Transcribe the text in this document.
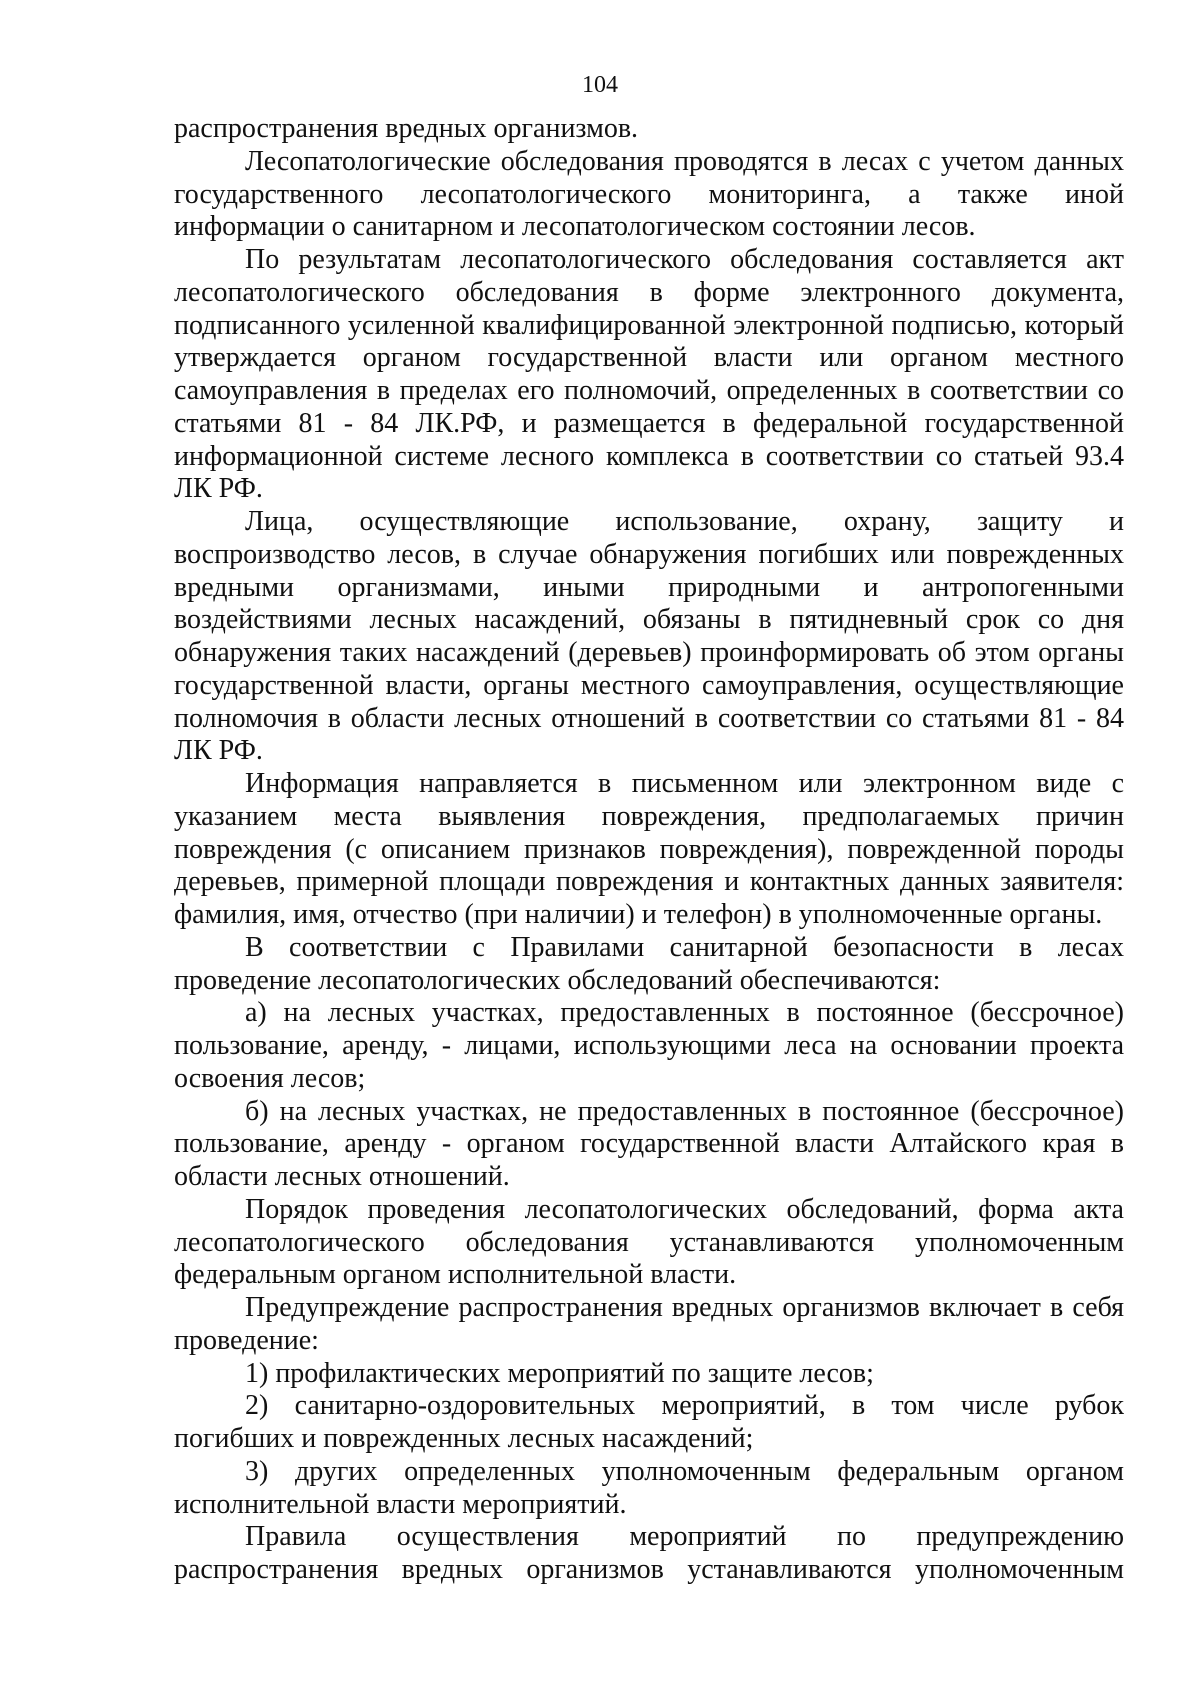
104

распространения вредных организмов.

Лесопатологические обследования проводятся в лесах с учетом данных государственного лесопатологического мониторинга, а также иной информации о санитарном и лесопатологическом состоянии лесов.

По результатам лесопатологического обследования составляется акт лесопатологического обследования в форме электронного документа, подписанного усиленной квалифицированной электронной подписью, который утверждается органом государственной власти или органом местного самоуправления в пределах его полномочий, определенных в соответствии со статьями 81 - 84 ЛК.РФ, и размещается в федеральной государственной информационной системе лесного комплекса в соответствии со статьей 93.4 ЛК РФ.

Лица, осуществляющие использование, охрану, защиту и воспроизводство лесов, в случае обнаружения погибших или поврежденных вредными организмами, иными природными и антропогенными воздействиями лесных насаждений, обязаны в пятидневный срок со дня обнаружения таких насаждений (деревьев) проинформировать об этом органы государственной власти, органы местного самоуправления, осуществляющие полномочия в области лесных отношений в соответствии со статьями 81 - 84 ЛК РФ.

Информация направляется в письменном или электронном виде с указанием места выявления повреждения, предполагаемых причин повреждения (с описанием признаков повреждения), поврежденной породы деревьев, примерной площади повреждения и контактных данных заявителя: фамилия, имя, отчество (при наличии) и телефон) в уполномоченные органы.

В соответствии с Правилами санитарной безопасности в лесах проведение лесопатологических обследований обеспечиваются:

а) на лесных участках, предоставленных в постоянное (бессрочное) пользование, аренду, - лицами, использующими леса на основании проекта освоения лесов;

б) на лесных участках, не предоставленных в постоянное (бессрочное) пользование, аренду - органом государственной власти Алтайского края в области лесных отношений.

Порядок проведения лесопатологических обследований, форма акта лесопатологического обследования устанавливаются уполномоченным федеральным органом исполнительной власти.

Предупреждение распространения вредных организмов включает в себя проведение:

1) профилактических мероприятий по защите лесов;

2) санитарно-оздоровительных мероприятий, в том числе рубок погибших и поврежденных лесных насаждений;

3) других определенных уполномоченным федеральным органом исполнительной власти мероприятий.

Правила осуществления мероприятий по предупреждению распространения вредных организмов устанавливаются уполномоченным
